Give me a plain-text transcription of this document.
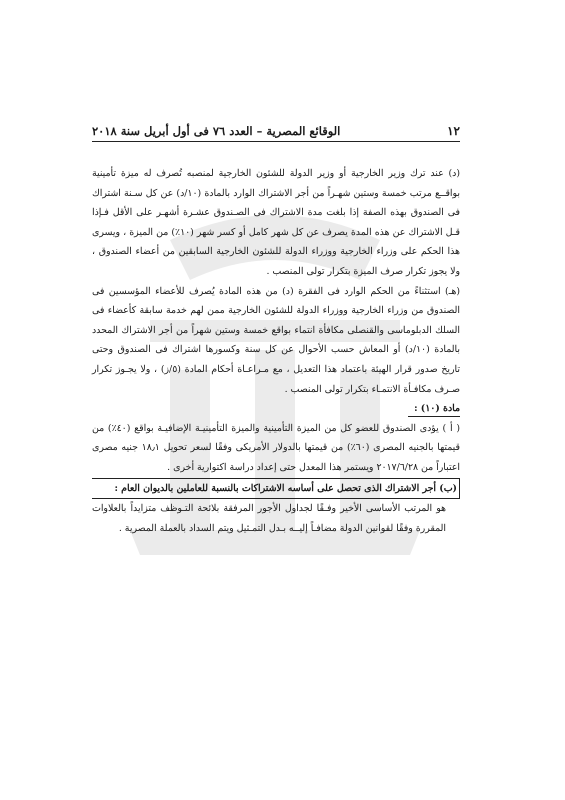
١٢
الوقائع المصرية – العدد ٧٦ فى أول أبريل سنة ٢٠١٨

(د) عند ترك وزير الخارجية أو وزير الدولة للشئون الخارجية لمنصبه تُصرف له ميزة تأمينية بواقــع مرتب خمسة وستين شهـراً من أجر الاشتراك الوارد بالمادة (١٠/د) عن كل سـنة اشتراك فى الصندوق بهذه الصفة إذا بلغت مدة الاشتراك فى الصـندوق عشـرة أشهـر على الأقل فـإذا قـل الاشتراك عن هذه المدة يصرف عن كل شهر كامل أو كسر شهر (١٠٪) من الميزة ، ويسرى هذا الحكم على وزراء الخارجية ووزراء الدولة للشئون الخارجية السابقين من أعضاء الصندوق ، ولا يجوز تكرار صرف الميزة بتكرار تولى المنصب .

(هـ) استثناءً من الحكم الوارد فى الفقرة (د) من هذه المادة يُصرف للأعضاء المؤسسين فى الصندوق من وزراء الخارجية ووزراء الدولة للشئون الخارجية ممن لهم خدمة سابقة كأعضاء فى السلك الدبلوماسى والقنصلى مكافأة انتماء بواقع خمسة وستين شهراً من أجر الاشتراك المحدد بالمادة (١٠/د) أو المعاش حسب الأحوال عن كل سنة وكسورها اشتراك فى الصندوق وحتى تاريخ صدور قرار الهيئة باعتماد هذا التعديل ، مع مـراعـاة أحكام المادة (٥/ز) ، ولا يجـوز تكرار صـرف مكافـأة الانتمـاء بتكرار تولى المنصب .

مادة (١٠) :

( أ ) يؤدى الصندوق للعضو كل من الميزة التأمينية والميزة التأمينيـة الإضافيـة بواقع (٤٠٪) من قيمتها بالجنيه المصرى (٦٠٪) من قيمتها بالدولار الأمريكى وفقًا لسعر تحويل ١٨٫١ جنيه مصرى اعتباراً من ٢٠١٧/٦/٢٨ ويستمر هذا المعدل حتى إعداد دراسة اكتوارية أخرى .

(ب) أجر الاشتراك الذى تحصل على أساسه الاشتراكات بالنسبة للعاملين بالديوان العام :

هو المرتب الأساسى الأخير وفـقًا لجداول الأجور المرفقة بلائحة التـوظف متزايداً بالعلاوات المقررة وفقًا لقوانين الدولة مضافـاً إليــه بـدل التمـثيل ويتم السداد بالعملة المصرية .
